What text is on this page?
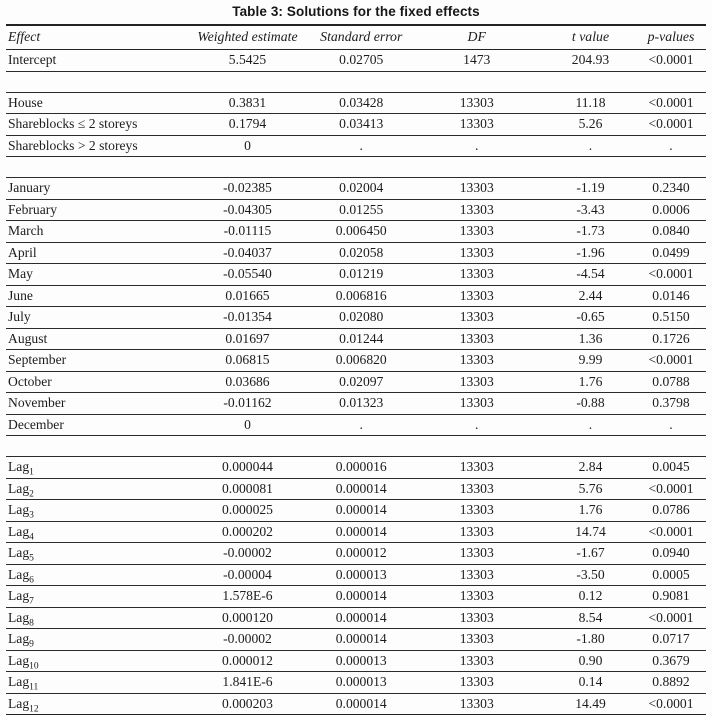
Table 3: Solutions for the fixed effects
Effect	Weighted estimate	Standard error	DF	t value	p-values
Intercept	5.5425	0.02705	1473	204.93	<0.0001

House	0.3831	0.03428	13303	11.18	<0.0001
Shareblocks ≤ 2 storeys	0.1794	0.03413	13303	5.26	<0.0001
Shareblocks > 2 storeys	0	.	.	.	.

January	-0.02385	0.02004	13303	-1.19	0.2340
February	-0.04305	0.01255	13303	-3.43	0.0006
March	-0.01115	0.006450	13303	-1.73	0.0840
April	-0.04037	0.02058	13303	-1.96	0.0499
May	-0.05540	0.01219	13303	-4.54	<0.0001
June	0.01665	0.006816	13303	2.44	0.0146
July	-0.01354	0.02080	13303	-0.65	0.5150
August	0.01697	0.01244	13303	1.36	0.1726
September	0.06815	0.006820	13303	9.99	<0.0001
October	0.03686	0.02097	13303	1.76	0.0788
November	-0.01162	0.01323	13303	-0.88	0.3798
December	0	.	.	.	.

Lag$_1$	0.000044	0.000016	13303	2.84	0.0045
Lag$_2$	0.000081	0.000014	13303	5.76	<0.0001
Lag$_3$	0.000025	0.000014	13303	1.76	0.0786
Lag$_4$	0.000202	0.000014	13303	14.74	<0.0001
Lag$_5$	-0.00002	0.000012	13303	-1.67	0.0940
Lag$_6$	-0.00004	0.000013	13303	-3.50	0.0005
Lag$_7$	1.578E-6	0.000014	13303	0.12	0.9081
Lag$_8$	0.000120	0.000014	13303	8.54	<0.0001
Lag$_9$	-0.00002	0.000014	13303	-1.80	0.0717
Lag$_{10}$	0.000012	0.000013	13303	0.90	0.3679
Lag$_{11}$	1.841E-6	0.000013	13303	0.14	0.8892
Lag$_{12}$	0.000203	0.000014	13303	14.49	<0.0001
